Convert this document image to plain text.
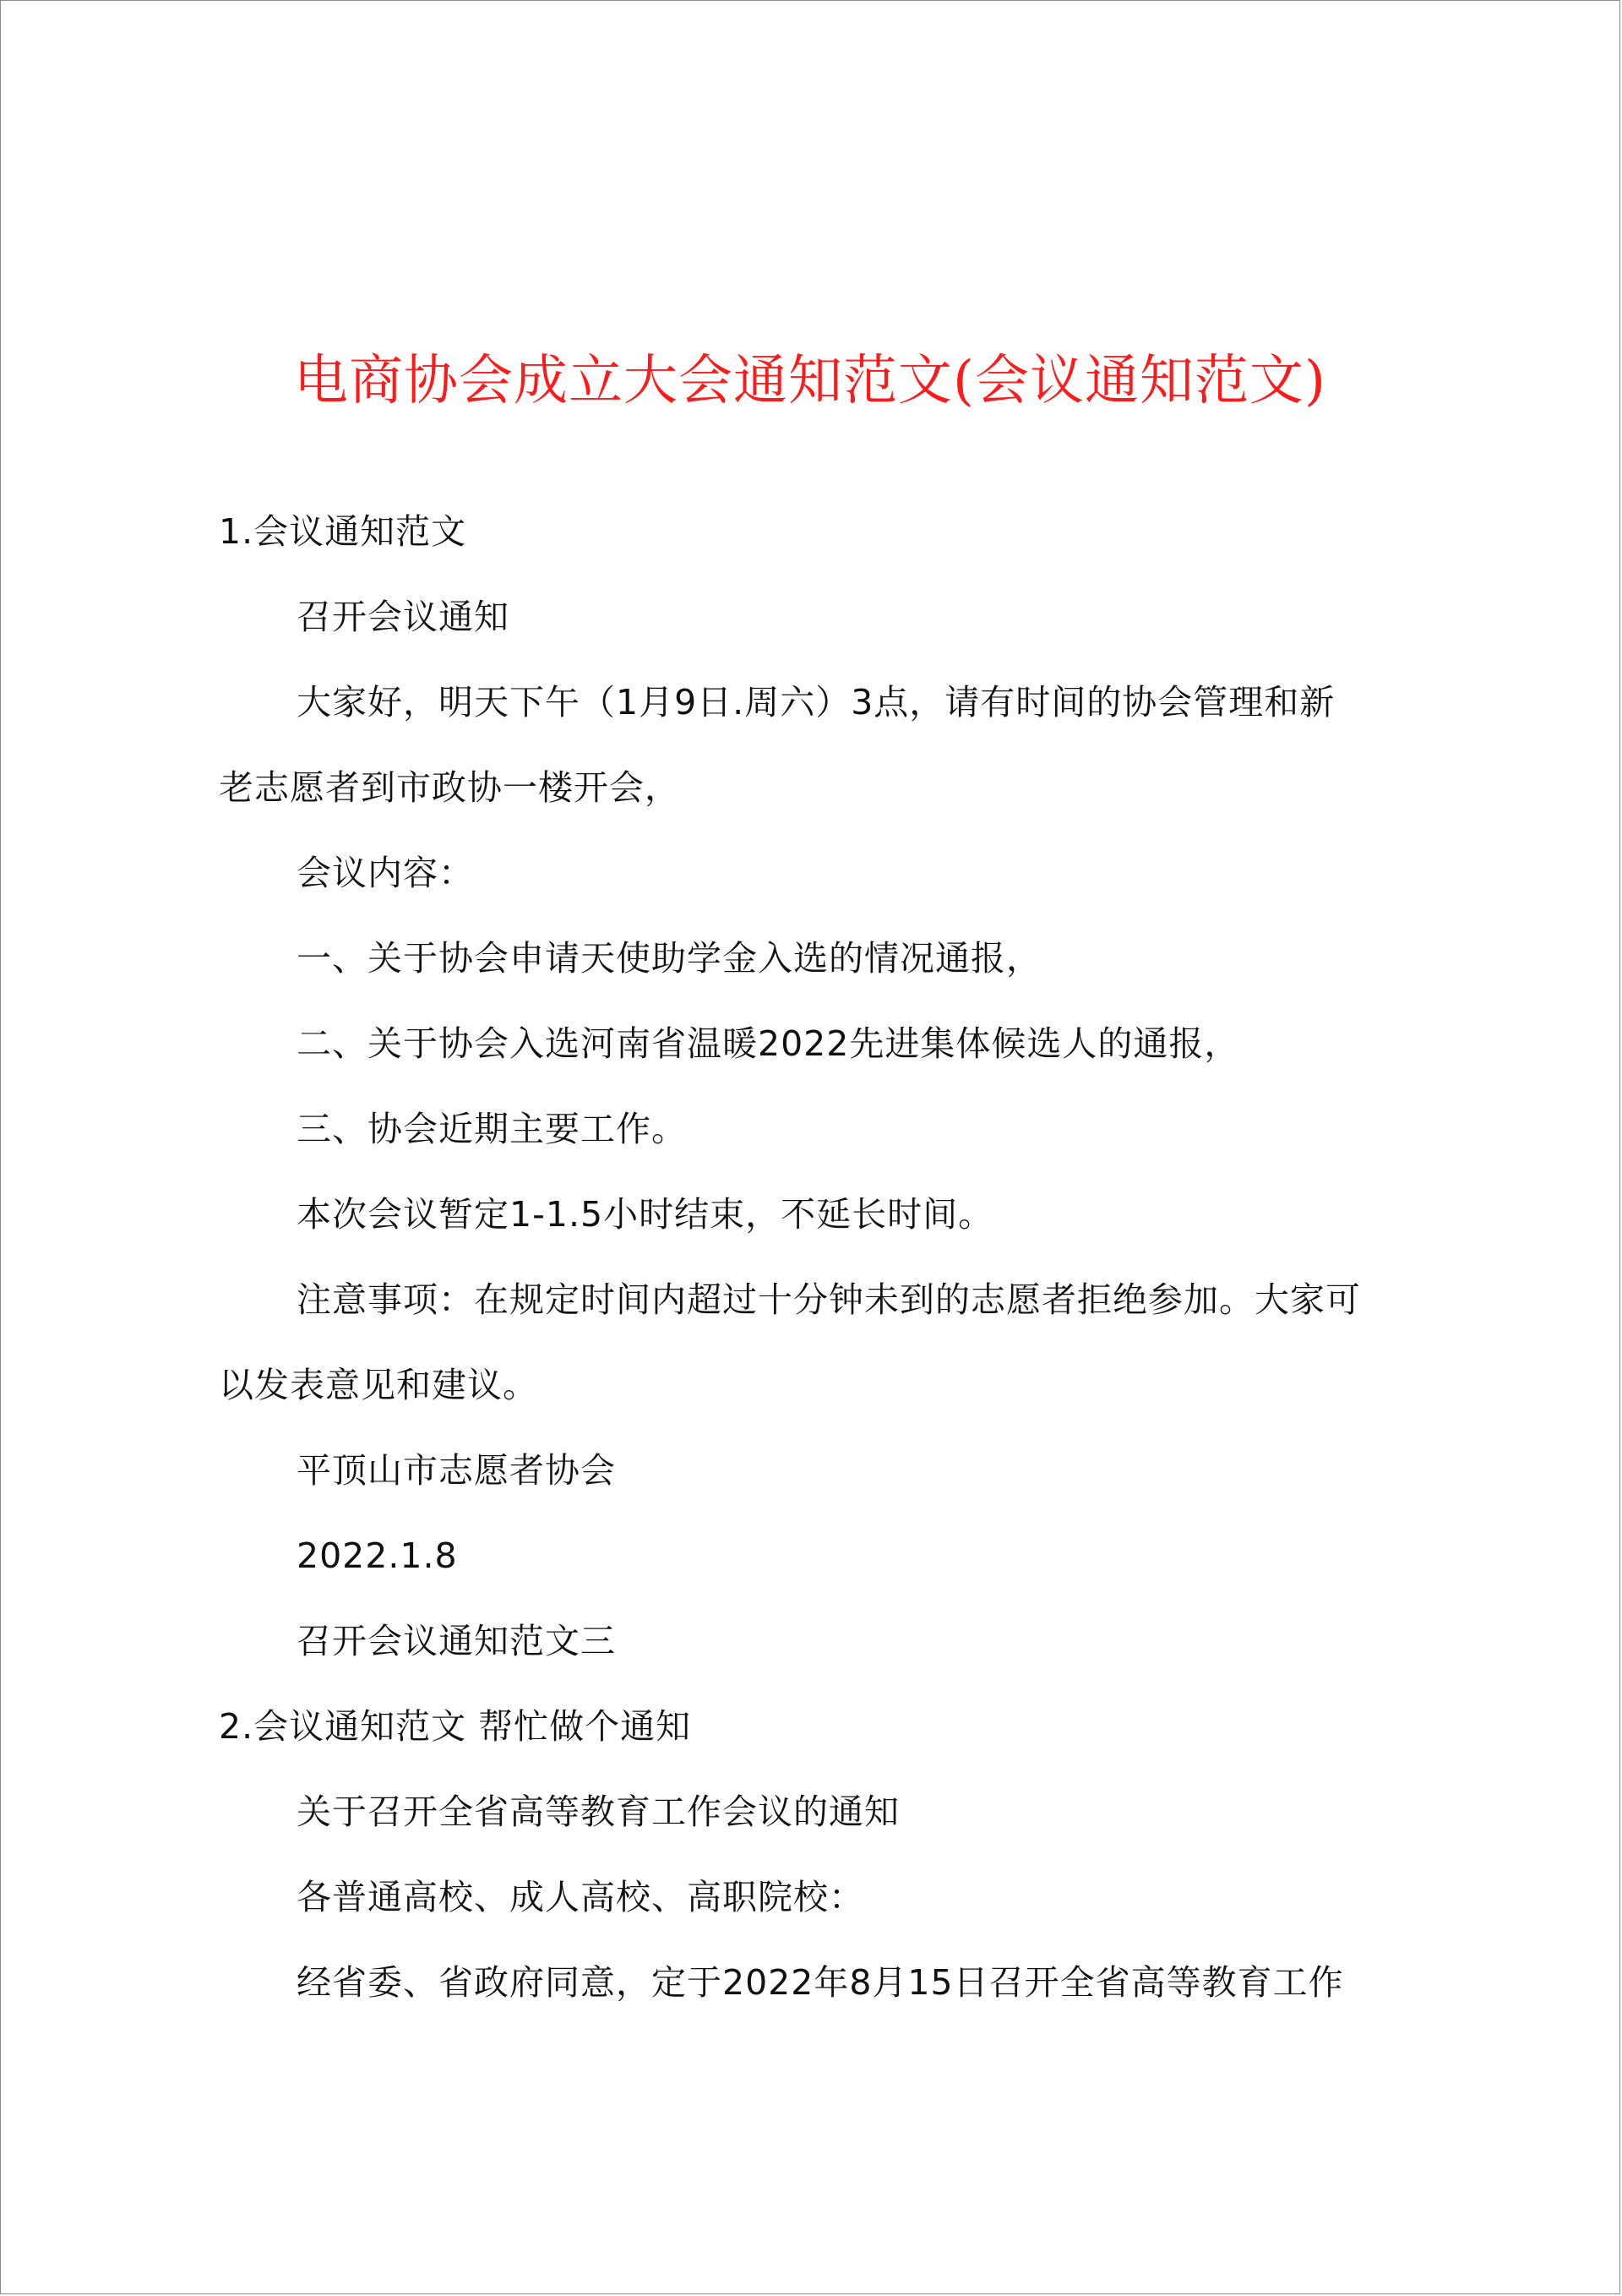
电商协会成立大会通知范文(会议通知范文)
1.会议通知范文
召开会议通知
大家好，明天下午（1月9日.周六）3点，请有时间的协会管理和新
老志愿者到市政协一楼开会，
会议内容：
一、关于协会申请天使助学金入选的情况通报，
二、关于协会入选河南省温暖2022先进集体候选人的通报，
三、协会近期主要工作。
本次会议暂定1-1.5小时结束，不延长时间。
注意事项：在规定时间内超过十分钟未到的志愿者拒绝参加。大家可
以发表意见和建议。
平顶山市志愿者协会
2022.1.8
召开会议通知范文三
2.会议通知范文 帮忙做个通知
关于召开全省高等教育工作会议的通知
各普通高校、成人高校、高职院校：
经省委、省政府同意，定于2022年8月15日召开全省高等教育工作
